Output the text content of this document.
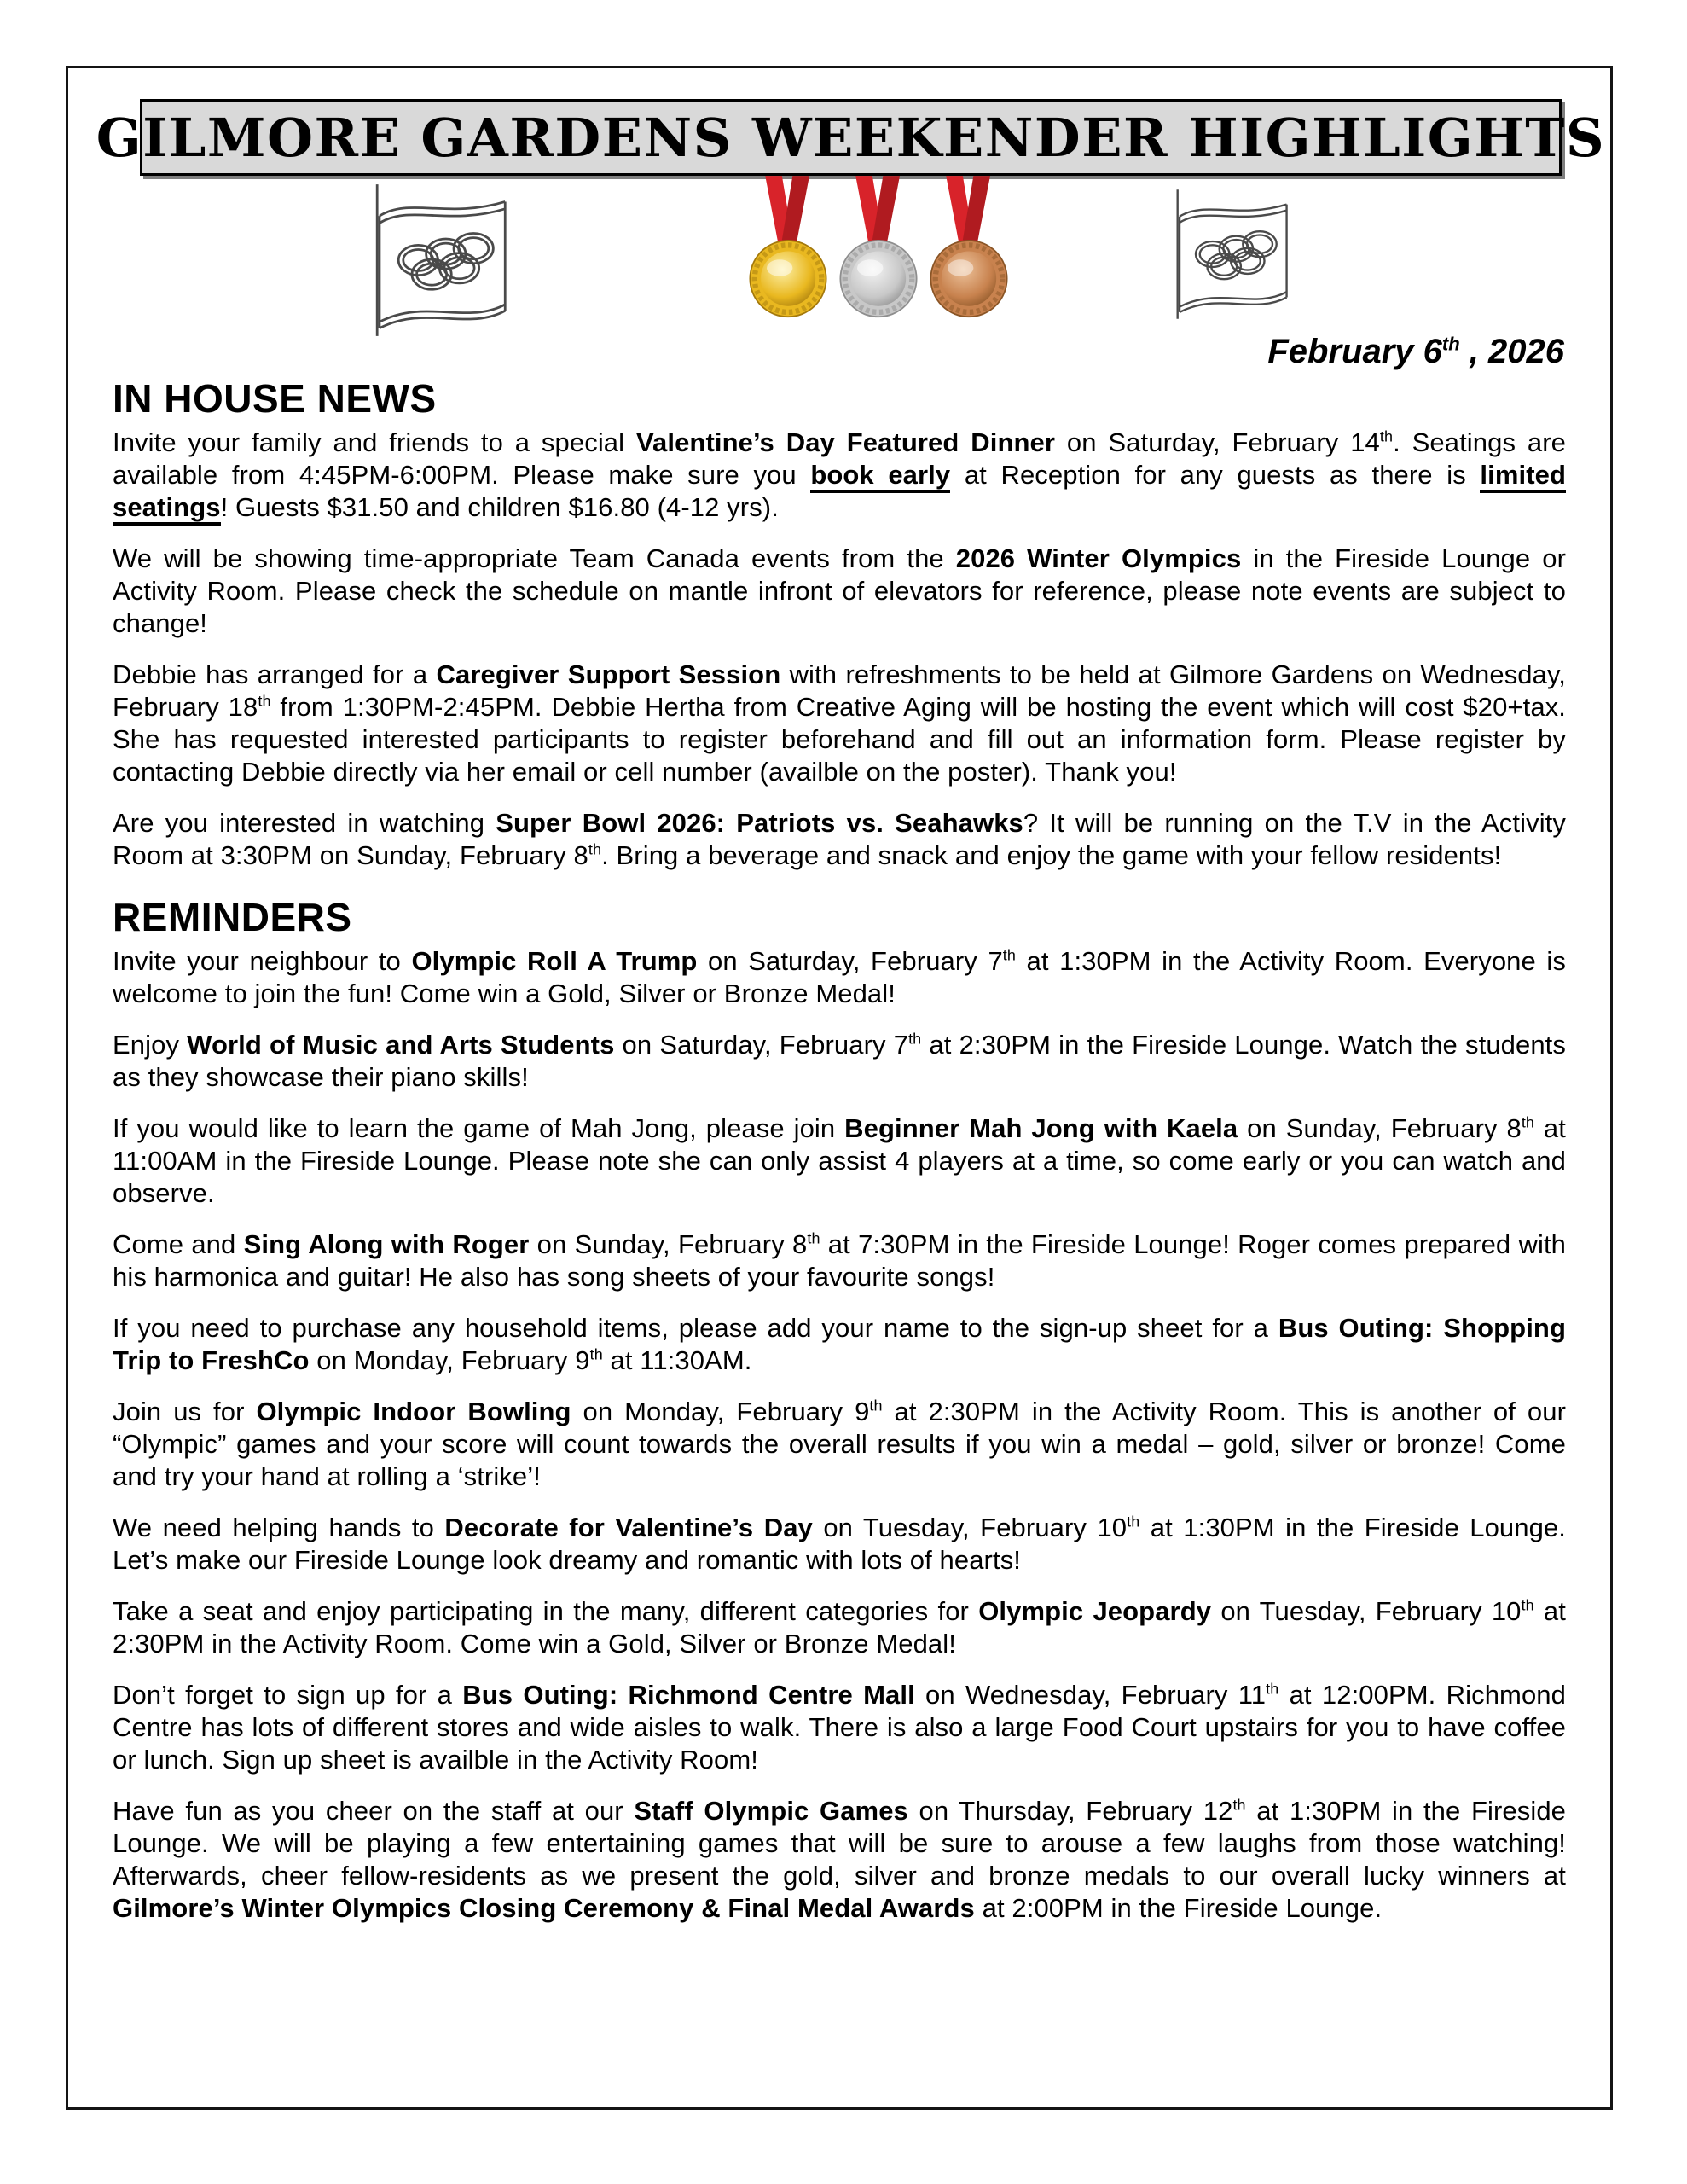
GILMORE GARDENS WEEKENDER HIGHLIGHTS
February 6th , 2026
IN HOUSE NEWS

Invite your family and friends to a special Valentine’s Day Featured Dinner on Saturday, February 14th. Seatings are available from 4:45PM-6:00PM. Please make sure you book early at Reception for any guests as there is limited seatings! Guests $31.50 and children $16.80 (4-12 yrs).

We will be showing time-appropriate Team Canada events from the 2026 Winter Olympics in the Fireside Lounge or Activity Room. Please check the schedule on mantle infront of elevators for reference, please note events are subject to change!

Debbie has arranged for a Caregiver Support Session with refreshments to be held at Gilmore Gardens on Wednesday, February 18th from 1:30PM-2:45PM. Debbie Hertha from Creative Aging will be hosting the event which will cost $20+tax. She has requested interested participants to register beforehand and fill out an information form. Please register by contacting Debbie directly via her email or cell number (availble on the poster). Thank you!

Are you interested in watching Super Bowl 2026: Patriots vs. Seahawks? It will be running on the T.V in the Activity Room at 3:30PM on Sunday, February 8th. Bring a beverage and snack and enjoy the game with your fellow residents!

REMINDERS

Invite your neighbour to Olympic Roll A Trump on Saturday, February 7th at 1:30PM in the Activity Room. Everyone is welcome to join the fun! Come win a Gold, Silver or Bronze Medal!

Enjoy World of Music and Arts Students on Saturday, February 7th at 2:30PM in the Fireside Lounge. Watch the students as they showcase their piano skills!

If you would like to learn the game of Mah Jong, please join Beginner Mah Jong with Kaela on Sunday, February 8th at 11:00AM in the Fireside Lounge. Please note she can only assist 4 players at a time, so come early or you can watch and observe.

Come and Sing Along with Roger on Sunday, February 8th at 7:30PM in the Fireside Lounge! Roger comes prepared with his harmonica and guitar! He also has song sheets of your favourite songs!

If you need to purchase any household items, please add your name to the sign-up sheet for a Bus Outing: Shopping Trip to FreshCo on Monday, February 9th at 11:30AM.

Join us for Olympic Indoor Bowling on Monday, February 9th at 2:30PM in the Activity Room. This is another of our “Olympic” games and your score will count towards the overall results if you win a medal – gold, silver or bronze! Come and try your hand at rolling a ‘strike’!

We need helping hands to Decorate for Valentine’s Day on Tuesday, February 10th at 1:30PM in the Fireside Lounge. Let’s make our Fireside Lounge look dreamy and romantic with lots of hearts!

Take a seat and enjoy participating in the many, different categories for Olympic Jeopardy on Tuesday, February 10th at 2:30PM in the Activity Room. Come win a Gold, Silver or Bronze Medal!

Don’t forget to sign up for a Bus Outing: Richmond Centre Mall on Wednesday, February 11th at 12:00PM. Richmond Centre has lots of different stores and wide aisles to walk. There is also a large Food Court upstairs for you to have coffee or lunch. Sign up sheet is availble in the Activity Room!

Have fun as you cheer on the staff at our Staff Olympic Games on Thursday, February 12th at 1:30PM in the Fireside Lounge. We will be playing a few entertaining games that will be sure to arouse a few laughs from those watching! Afterwards, cheer fellow-residents as we present the gold, silver and bronze medals to our overall lucky winners at Gilmore’s Winter Olympics Closing Ceremony & Final Medal Awards at 2:00PM in the Fireside Lounge.
